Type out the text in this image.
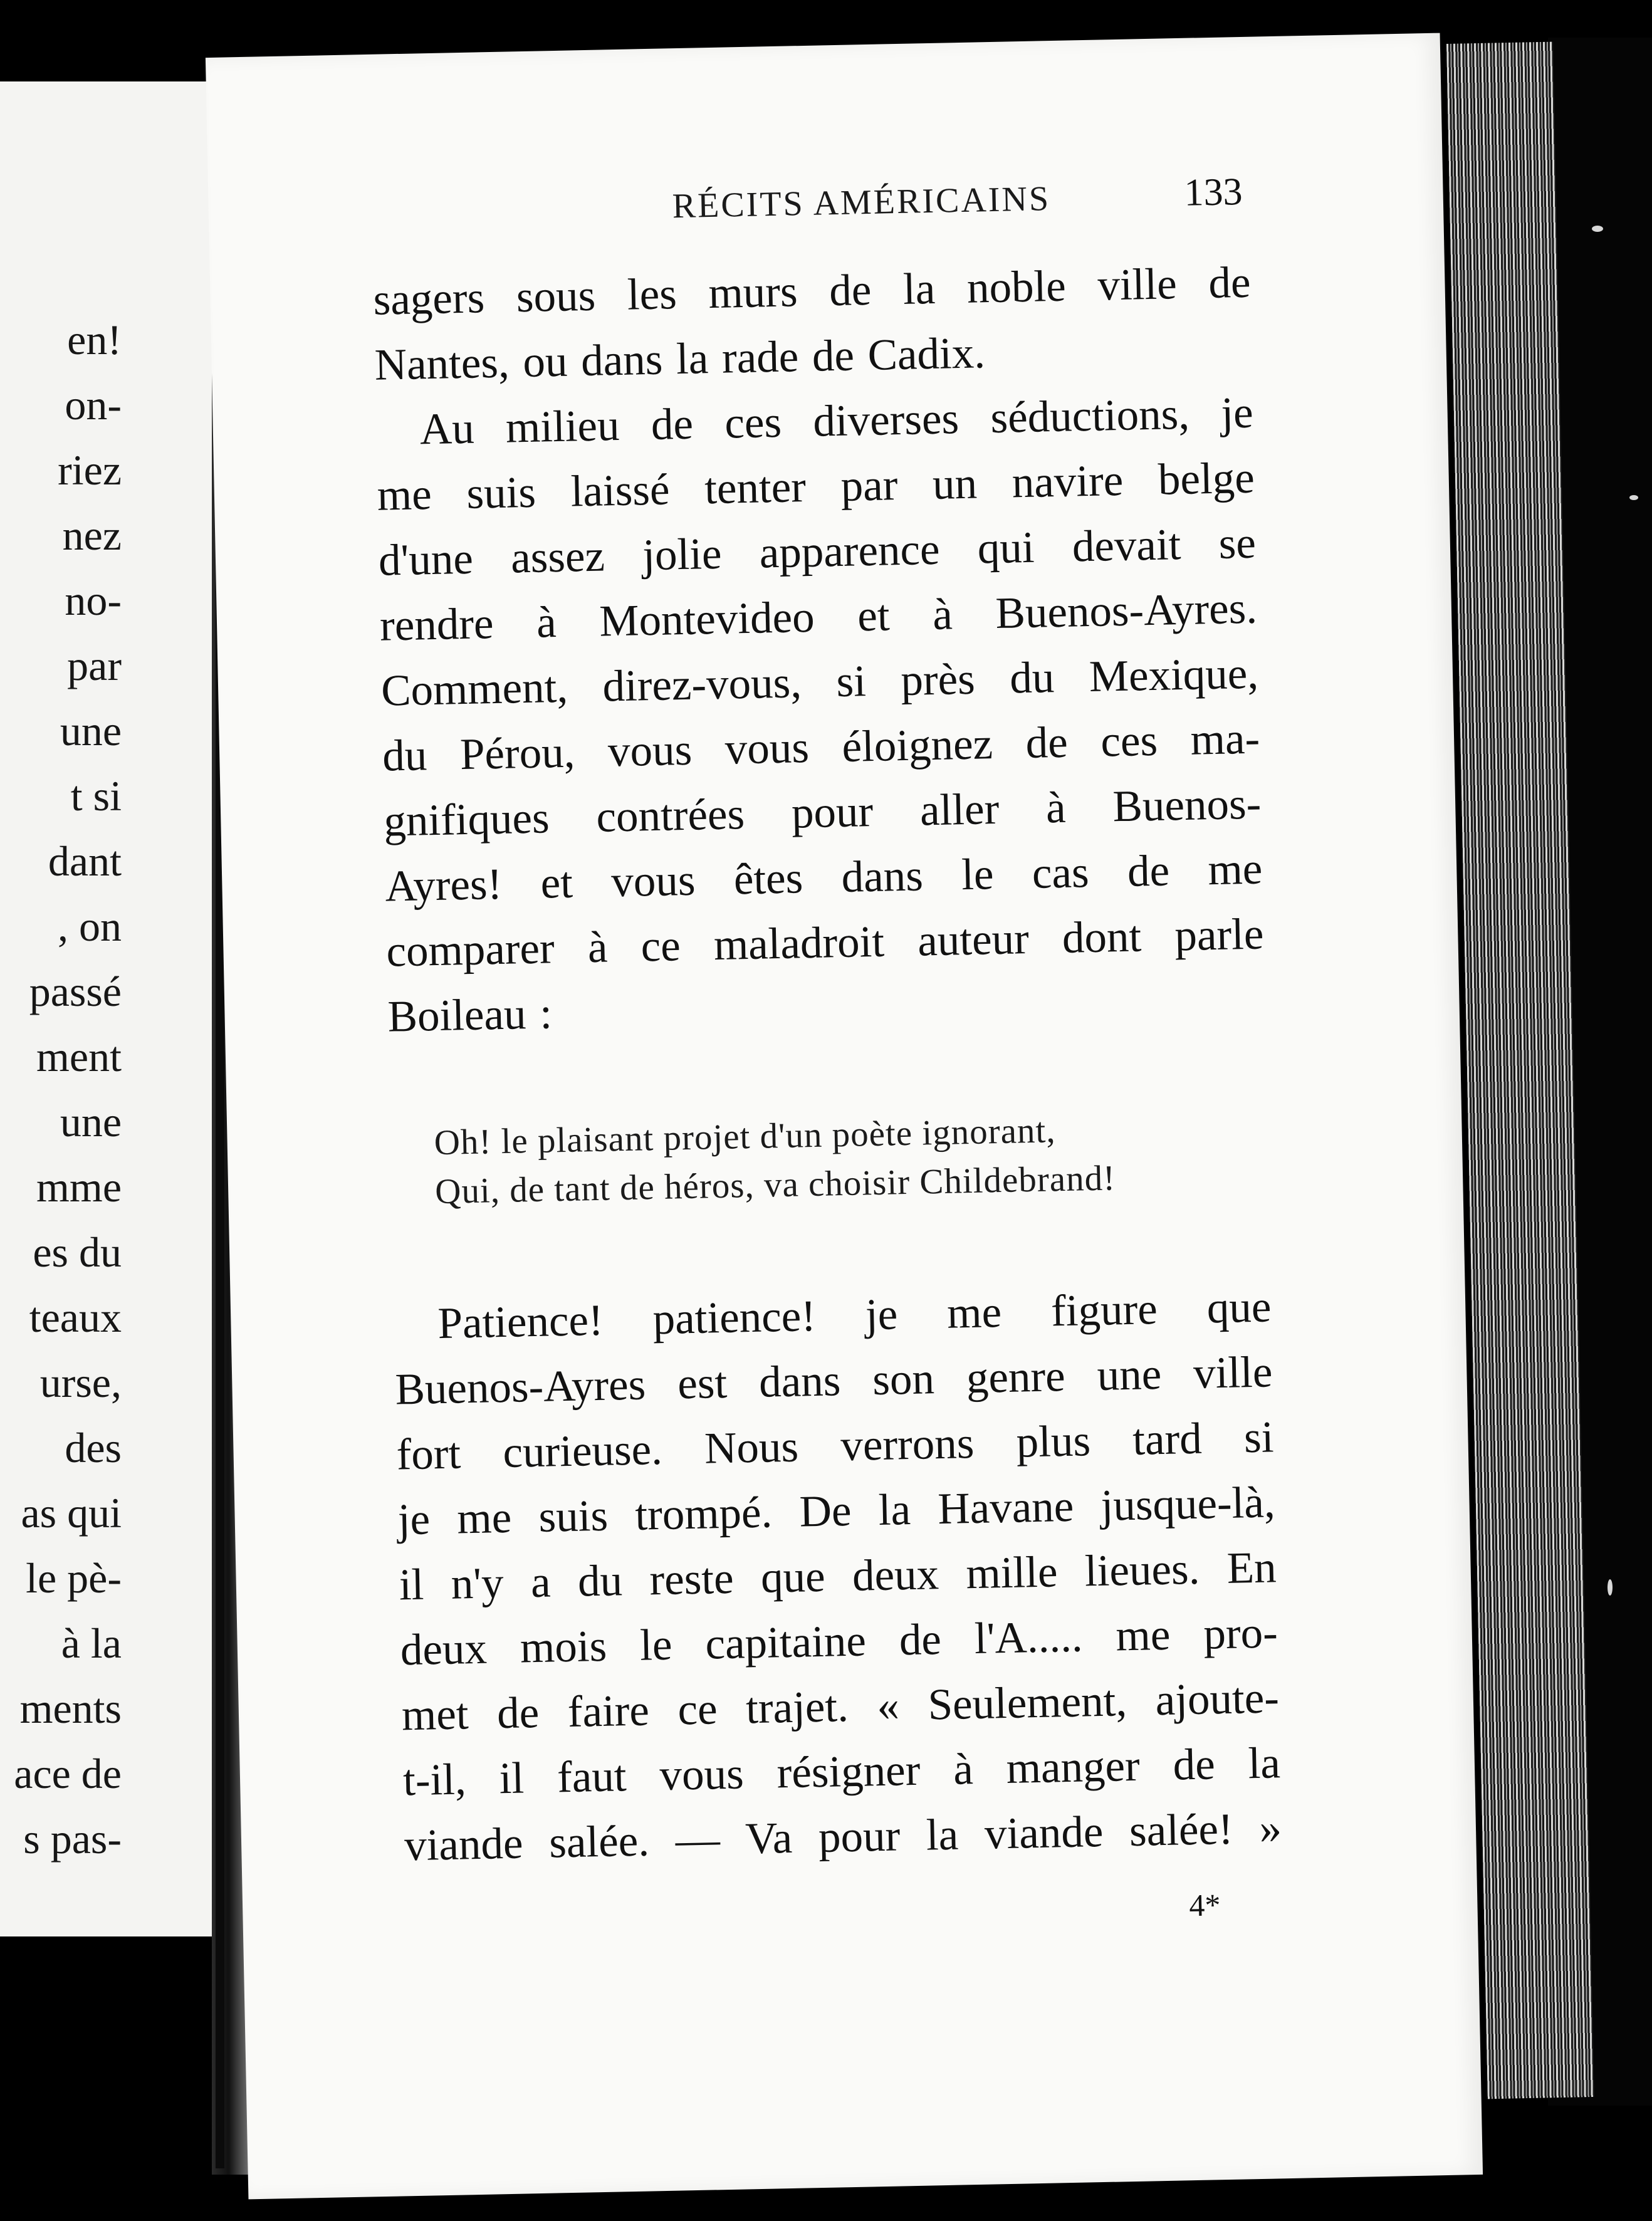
en!
on-
riez
nez
no-
par
une
t si
dant
, on
passé
ment
une
mme
es du
teaux
urse,
des
as qui
le pè-
à la
ments
ace de
s pas-
RÉCITS AMÉRICAINS	133
sagers sous les murs de la noble ville de
Nantes, ou dans la rade de Cadix.
Au milieu de ces diverses séductions, je
me suis laissé tenter par un navire belge
d'une assez jolie apparence qui devait se
rendre à Montevideo et à Buenos-Ayres.
Comment, direz-vous, si près du Mexique,
du Pérou, vous vous éloignez de ces ma-
gnifiques contrées pour aller à Buenos-
Ayres! et vous êtes dans le cas de me
comparer à ce maladroit auteur dont parle
Boileau :
Oh! le plaisant projet d'un poète ignorant,
Qui, de tant de héros, va choisir Childebrand!
Patience! patience! je me figure que
Buenos-Ayres est dans son genre une ville
fort curieuse. Nous verrons plus tard si
je me suis trompé. De la Havane jusque-là,
il n'y a du reste que deux mille lieues. En
deux mois le capitaine de l'A..... me pro-
met de faire ce trajet. « Seulement, ajoute-
t-il, il faut vous résigner à manger de la
viande salée. — Va pour la viande salée! »
4*
